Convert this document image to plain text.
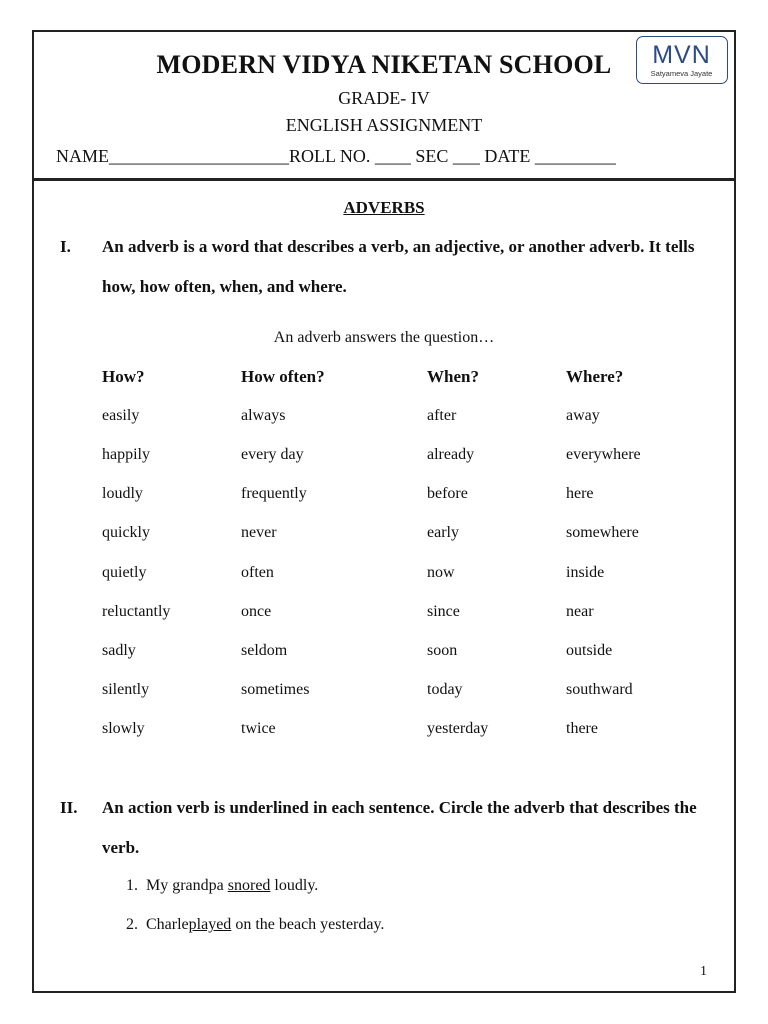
MODERN VIDYA NIKETAN SCHOOL	MVN
Satyameva Jayate
GRADE- IV
ENGLISH ASSIGNMENT
NAME____________________ROLL NO. ____ SEC ___ DATE _________
ADVERBS
I. An adverb is a word that describes a verb, an adjective, or another adverb. It tells how, how often, when, and where.
An adverb answers the question…
How?	How often?	When?	Where?
easily	always	after	away
happily	every day	already	everywhere
loudly	frequently	before	here
quickly	never	early	somewhere
quietly	often	now	inside
reluctantly	once	since	near
sadly	seldom	soon	outside
silently	sometimes	today	southward
slowly	twice	yesterday	there
II. An action verb is underlined in each sentence. Circle the adverb that describes the verb.
1. My grandpa snored loudly.
2. Charleplayed on the beach yesterday.
1
